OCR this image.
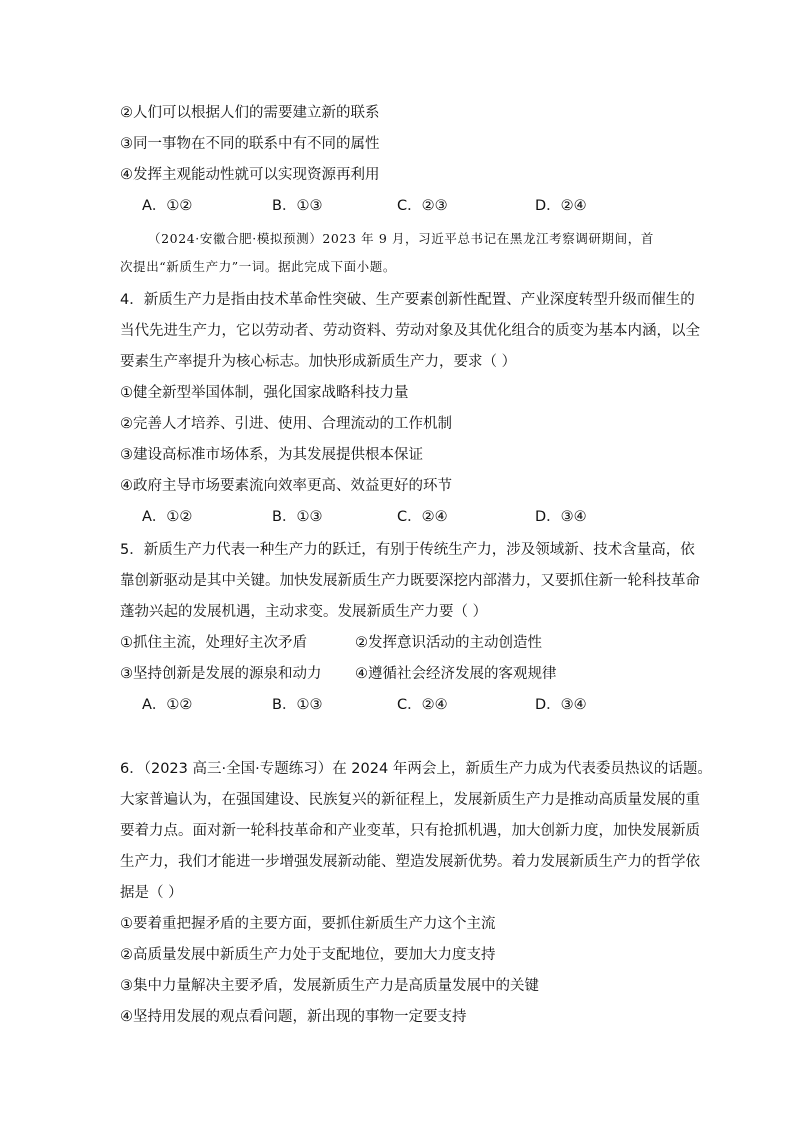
②人们可以根据人们的需要建立新的联系
③同一事物在不同的联系中有不同的属性
④发挥主观能动性就可以实现资源再利用
A．①②	B．①③	C．②③	D．②④
（2024·安徽合肥·模拟预测）2023 年 9 月，习近平总书记在黑龙江考察调研期间，首
次提出“新质生产力”一词。据此完成下面小题。
4．新质生产力是指由技术革命性突破、生产要素创新性配置、产业深度转型升级而催生的
当代先进生产力，它以劳动者、劳动资料、劳动对象及其优化组合的质变为基本内涵，以全
要素生产率提升为核心标志。加快形成新质生产力，要求（ ）
①健全新型举国体制，强化国家战略科技力量
②完善人才培养、引进、使用、合理流动的工作机制
③建设高标准市场体系，为其发展提供根本保证
④政府主导市场要素流向效率更高、效益更好的环节
A．①②	B．①③	C．②④	D．③④
5．新质生产力代表一种生产力的跃迁，有别于传统生产力，涉及领域新、技术含量高，依
靠创新驱动是其中关键。加快发展新质生产力既要深挖内部潜力，又要抓住新一轮科技革命
蓬勃兴起的发展机遇，主动求变。发展新质生产力要（ ）
①抓住主流，处理好主次矛盾	②发挥意识活动的主动创造性
③坚持创新是发展的源泉和动力 ④遵循社会经济发展的客观规律
A．①②	B．①③	C．②④	D．③④
6．（2023 高三·全国·专题练习）在 2024 年两会上，新质生产力成为代表委员热议的话题。
大家普遍认为，在强国建设、民族复兴的新征程上，发展新质生产力是推动高质量发展的重
要着力点。面对新一轮科技革命和产业变革，只有抢抓机遇，加大创新力度，加快发展新质
生产力，我们才能进一步增强发展新动能、塑造发展新优势。着力发展新质生产力的哲学依
据是（ ）
①要着重把握矛盾的主要方面，要抓住新质生产力这个主流
②高质量发展中新质生产力处于支配地位，要加大力度支持
③集中力量解决主要矛盾，发展新质生产力是高质量发展中的关键
④坚持用发展的观点看问题，新出现的事物一定要支持
